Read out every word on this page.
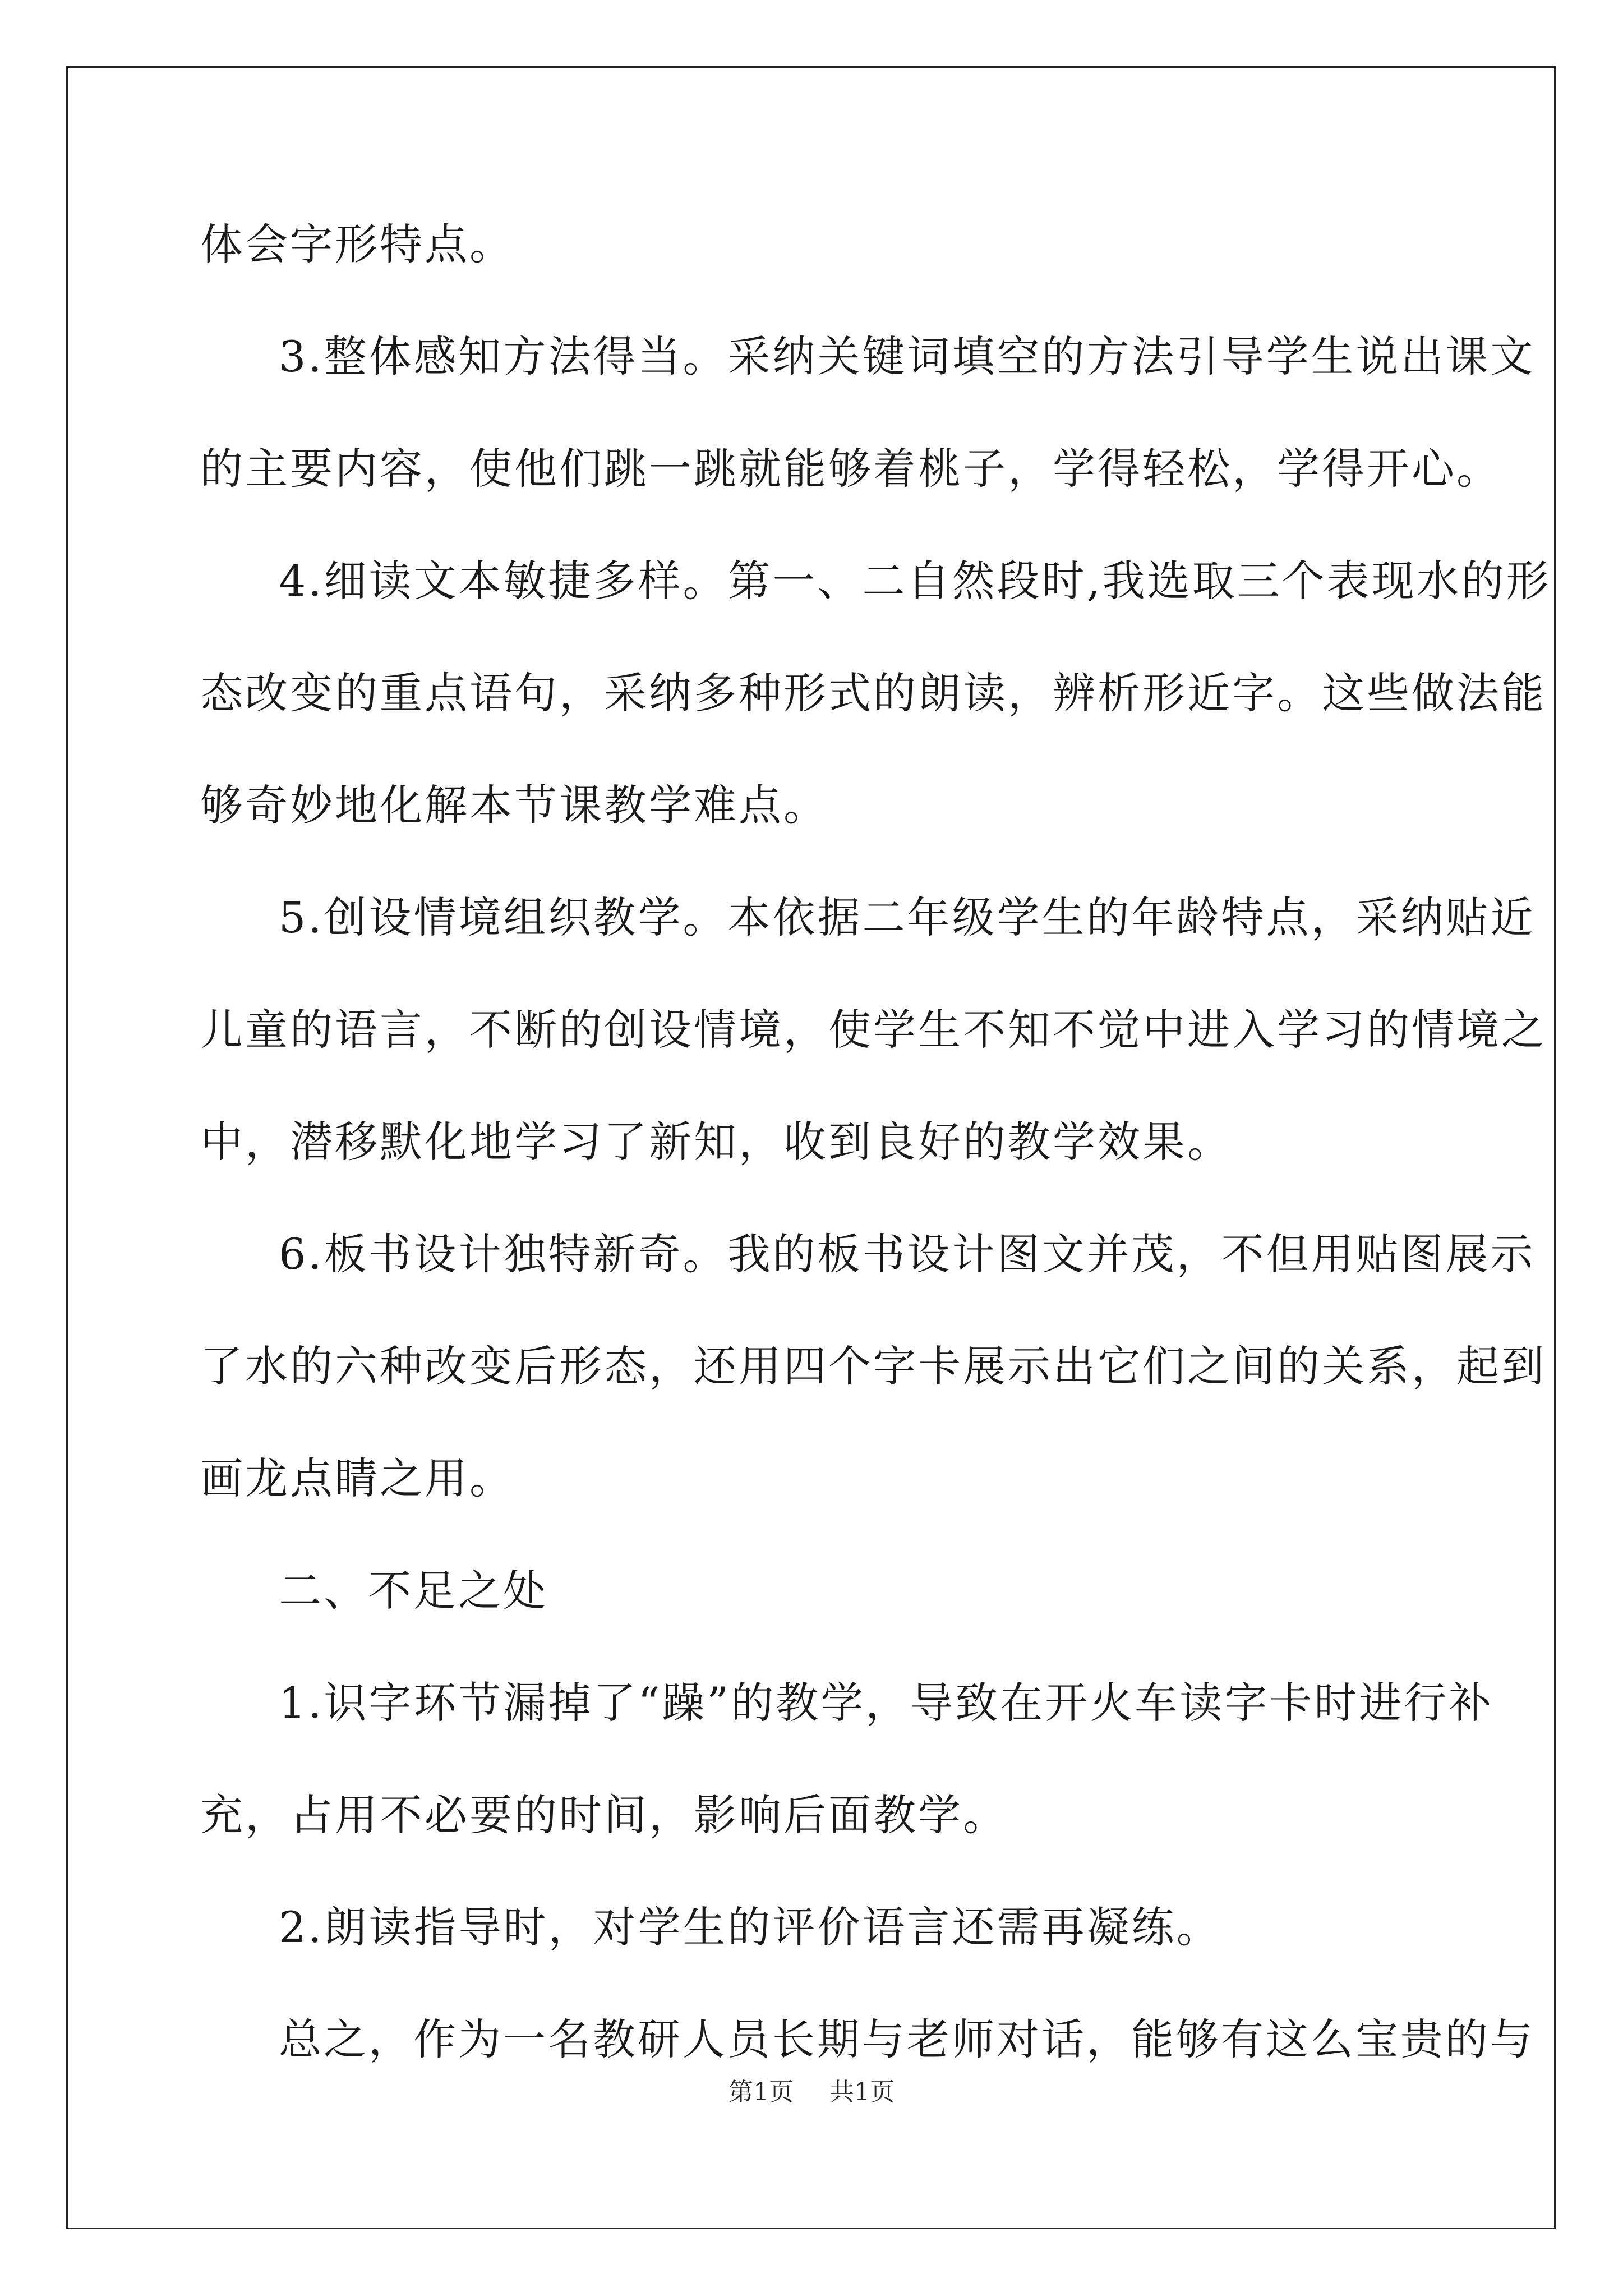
体会字形特点。
3.整体感知方法得当。采纳关键词填空的方法引导学生说出课文
的主要内容，使他们跳一跳就能够着桃子，学得轻松，学得开心。
4.细读文本敏捷多样。第一、二自然段时,我选取三个表现水的形
态改变的重点语句，采纳多种形式的朗读，辨析形近字。这些做法能
够奇妙地化解本节课教学难点。
5.创设情境组织教学。本依据二年级学生的年龄特点，采纳贴近
儿童的语言，不断的创设情境，使学生不知不觉中进入学习的情境之
中，潜移默化地学习了新知，收到良好的教学效果。
6.板书设计独特新奇。我的板书设计图文并茂，不但用贴图展示
了水的六种改变后形态，还用四个字卡展示出它们之间的关系，起到
画龙点睛之用。
二、不足之处
1.识字环节漏掉了“躁”的教学，导致在开火车读字卡时进行补
充，占用不必要的时间，影响后面教学。
2.朗读指导时，对学生的评价语言还需再凝练。
总之，作为一名教研人员长期与老师对话，能够有这么宝贵的与
第1页 共1页
